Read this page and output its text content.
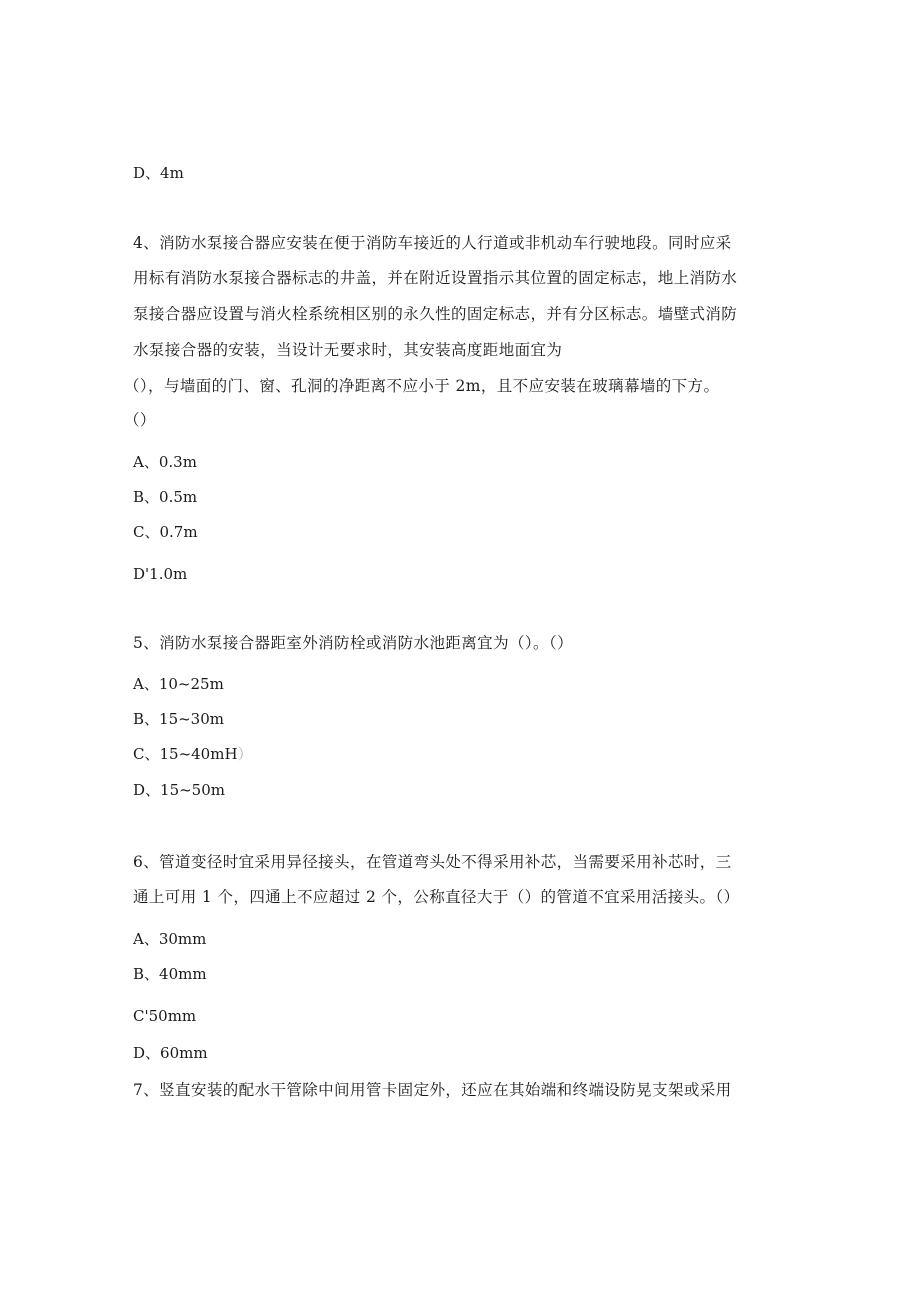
D、4m
4、消防水泵接合器应安装在便于消防车接近的人行道或非机动车行驶地段。同时应采
用标有消防水泵接合器标志的井盖，并在附近设置指示其位置的固定标志，地上消防水
泵接合器应设置与消火栓系统相区别的永久性的固定标志，并有分区标志。墙壁式消防
水泵接合器的安装，当设计无要求时，其安装高度距地面宜为
（），与墙面的门、窗、孔洞的净距离不应小于 2m，且不应安装在玻璃幕墙的下方。
（）
A、0.3m
B、0.5m
C、0.7m
D'1.0m
5、消防水泵接合器距室外消防栓或消防水池距离宜为（）。（）
A、10~25m
B、15~30m
C、15~40mH）
D、15~50m
6、管道变径时宜采用异径接头，在管道弯头处不得采用补芯，当需要采用补芯时，三
通上可用 1 个，四通上不应超过 2 个，公称直径大于（）的管道不宜采用活接头。（）
A、30mm
B、40mm
C'50mm
D、60mm
7、竖直安装的配水干管除中间用管卡固定外，还应在其始端和终端设防晃支架或采用
